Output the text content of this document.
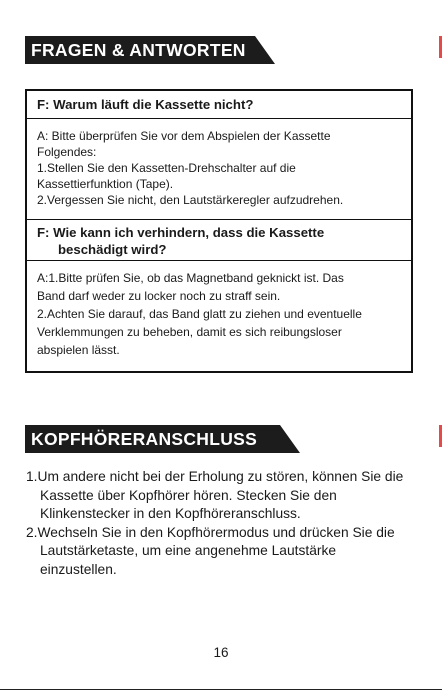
FRAGEN & ANTWORTEN
F: Warum läuft die Kassette nicht?
A: Bitte überprüfen Sie vor dem Abspielen der Kassette
Folgendes:
1.Stellen Sie den Kassetten-Drehschalter auf die
Kassettierfunktion (Tape).
2.Vergessen Sie nicht, den Lautstärkeregler aufzudrehen.
F: Wie kann ich verhindern, dass die Kassette
beschädigt wird?
A:1.Bitte prüfen Sie, ob das Magnetband geknickt ist. Das
Band darf weder zu locker noch zu straff sein.
2.Achten Sie darauf, das Band glatt zu ziehen und eventuelle
Verklemmungen zu beheben, damit es sich reibungsloser
abspielen lässt.
KOPFHÖRERANSCHLUSS
1.Um andere nicht bei der Erholung zu stören, können Sie die
Kassette über Kopfhörer hören. Stecken Sie den
Klinkenstecker in den Kopfhöreranschluss.
2.Wechseln Sie in den Kopfhörermodus und drücken Sie die
Lautstärketaste, um eine angenehme Lautstärke
einzustellen.
16
